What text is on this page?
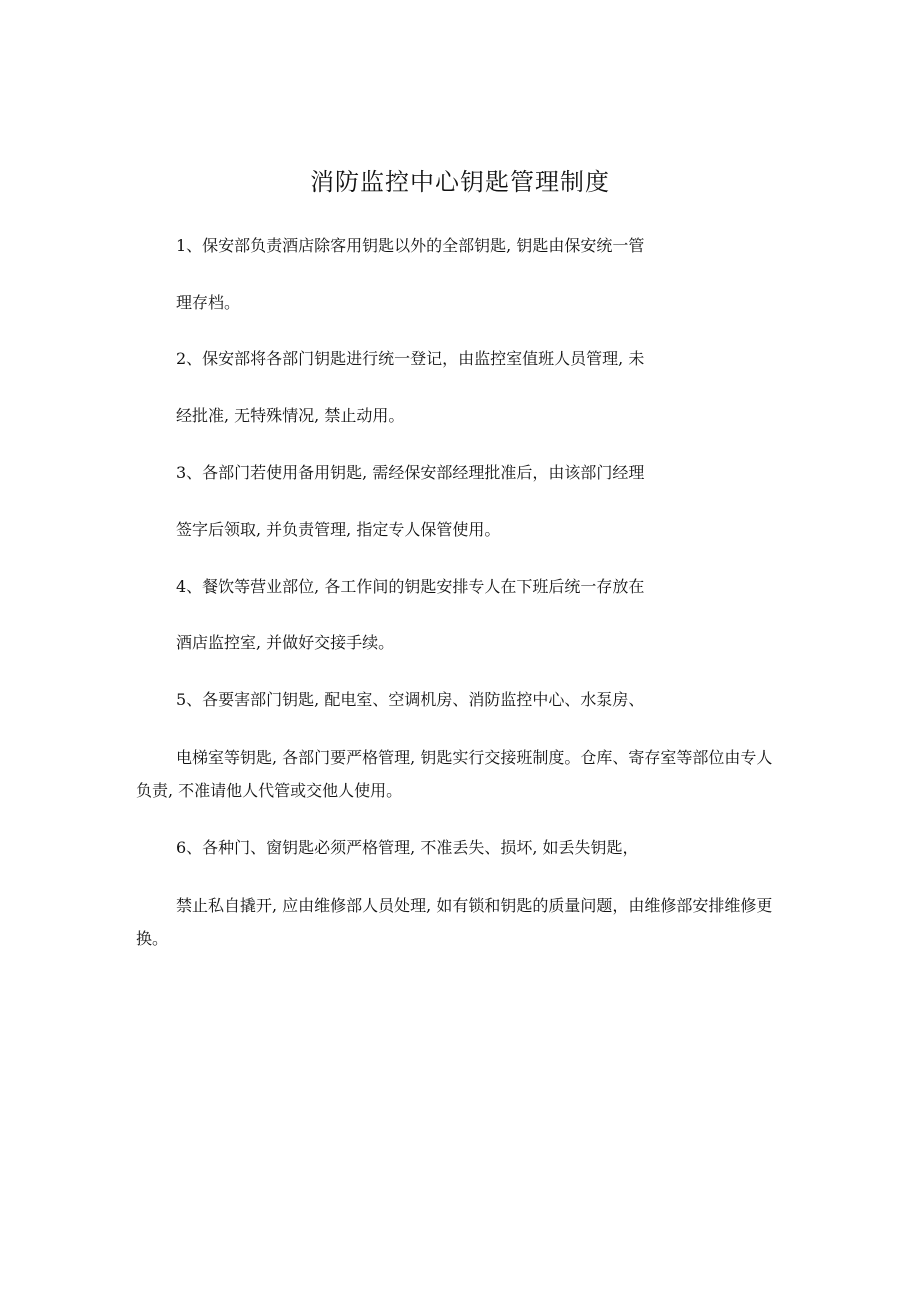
消防监控中心钥匙管理制度
1、保安部负责酒店除客用钥匙以外的全部钥匙, 钥匙由保安统一管
理存档。
2、保安部将各部门钥匙进行统一登记，由监控室值班人员管理, 未
经批准, 无特殊情况, 禁止动用。
3、各部门若使用备用钥匙, 需经保安部经理批准后，由该部门经理
签字后领取, 并负责管理, 指定专人保管使用。
4、餐饮等营业部位, 各工作间的钥匙安排专人在下班后统一存放在
酒店监控室, 并做好交接手续。
5、各要害部门钥匙, 配电室、空调机房、消防监控中心、水泵房、
电梯室等钥匙, 各部门要严格管理, 钥匙实行交接班制度。仓库、寄存室等部位由专人负责, 不准请他人代管或交他人使用。
6、各种门、窗钥匙必须严格管理, 不准丢失、损坏, 如丢失钥匙，
禁止私自撬开, 应由维修部人员处理, 如有锁和钥匙的质量问题，由维修部安排维修更换。
